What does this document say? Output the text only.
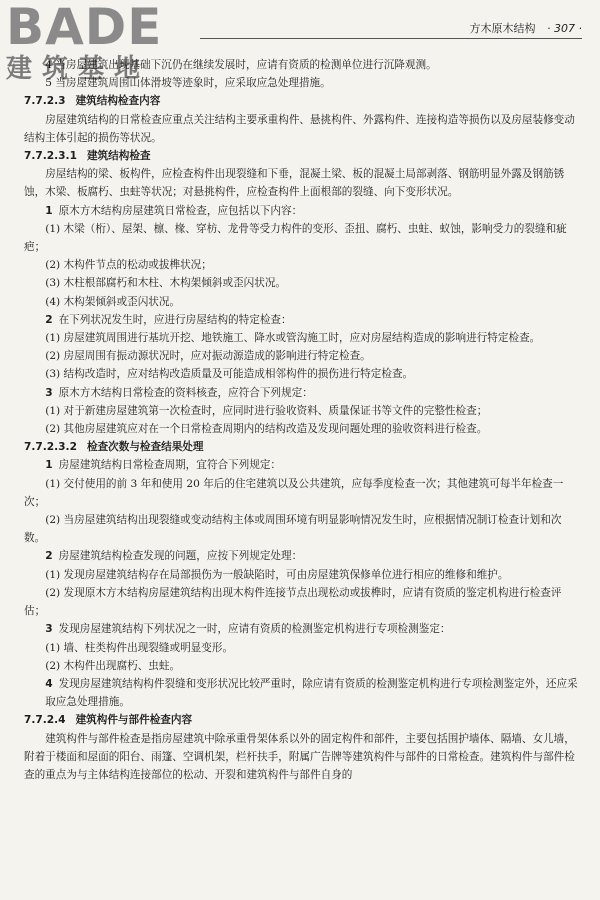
BADE
建筑基地
方木原木结构 · 307 ·

4 当房屋建筑出现基础下沉仍在继续发展时，应请有资质的检测单位进行沉降观测。

5 当房屋建筑周围山体滑坡等迹象时，应采取应急处理措施。

7.7.2.3 建筑结构检查内容

房屋建筑结构的日常检查应重点关注结构主要承重构件、悬挑构件、外露构件、连接构造等损伤以及房屋装修变动结构主体引起的损伤等状况。

7.7.2.3.1 建筑结构检查

房屋结构的梁、板构件，应检查构件出现裂缝和下垂，混凝土梁、板的混凝土局部剥落、钢筋明显外露及钢筋锈蚀，木梁、板腐朽、虫蛀等状况；对悬挑构件，应检查构件上面根部的裂缝、向下变形状况。

1 原木方木结构房屋建筑日常检查，应包括以下内容：

(1) 木梁（桁）、屋架、檩、椽、穿枋、龙骨等受力构件的变形、歪扭、腐朽、虫蛀、蚁蚀，影响受力的裂缝和疵疤；

(2) 木构件节点的松动或拔榫状况；

(3) 木柱根部腐朽和木柱、木构架倾斜或歪闪状况。

(4) 木构架倾斜或歪闪状况。

2 在下列状况发生时，应进行房屋结构的特定检查：

(1) 房屋建筑周围进行基坑开挖、地铁施工、降水或管沟施工时，应对房屋结构造成的影响进行特定检查。

(2) 房屋周围有振动源状况时，应对振动源造成的影响进行特定检查。

(3) 结构改造时，应对结构改造质量及可能造成相邻构件的损伤进行特定检查。

3 原木方木结构日常检查的资料核查，应符合下列规定：

(1) 对于新建房屋建筑第一次检查时，应同时进行验收资料、质量保证书等文件的完整性检查；

(2) 其他房屋建筑应对在一个日常检查周期内的结构改造及发现问题处理的验收资料进行检查。

7.7.2.3.2 检查次数与检查结果处理

1 房屋建筑结构日常检查周期，宜符合下列规定：

(1) 交付使用的前 3 年和使用 20 年后的住宅建筑以及公共建筑，应每季度检查一次；其他建筑可每半年检查一次；

(2) 当房屋建筑结构出现裂缝或变动结构主体或周围环境有明显影响情况发生时，应根据情况制订检查计划和次数。

2 房屋建筑结构检查发现的问题，应按下列规定处理：

(1) 发现房屋建筑结构存在局部损伤为一般缺陷时，可由房屋建筑保修单位进行相应的维修和维护。

(2) 发现原木方木结构房屋建筑结构出现木构件连接节点出现松动或拔榫时，应请有资质的鉴定机构进行检查评估；

3 发现房屋建筑结构下列状况之一时，应请有资质的检测鉴定机构进行专项检测鉴定：

(1) 墙、柱类构件出现裂缝或明显变形。

(2) 木构件出现腐朽、虫蛀。

4 发现房屋建筑结构构件裂缝和变形状况比较严重时，除应请有资质的检测鉴定机构进行专项检测鉴定外，还应采取应急处理措施。

7.7.2.4 建筑构件与部件检查内容

建筑构件与部件检查是指房屋建筑中除承重骨架体系以外的固定构件和部件，主要包括围护墙体、隔墙、女儿墙，附着于楼面和屋面的阳台、雨篷、空调机架，栏杆扶手，附属广告牌等建筑构件与部件的日常检查。建筑构件与部件检查的重点为与主体结构连接部位的松动、开裂和建筑构件与部件自身的
